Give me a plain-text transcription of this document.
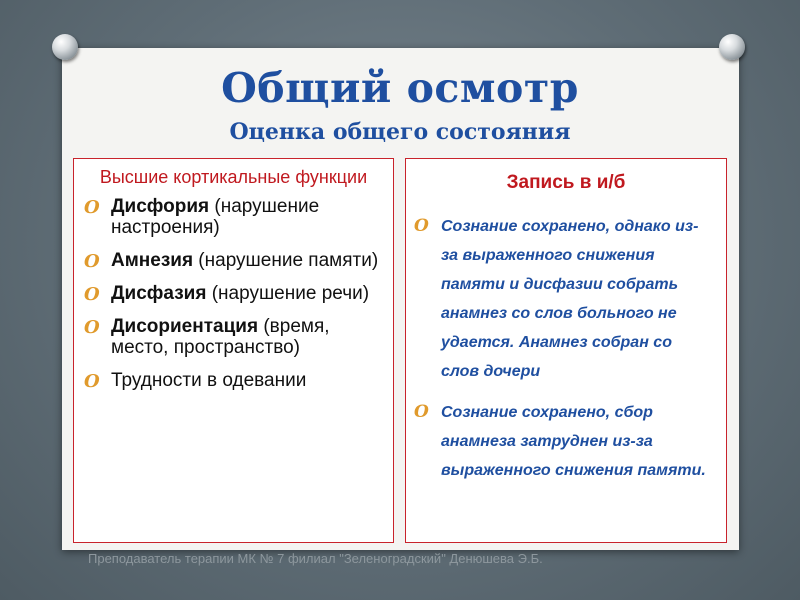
Общий осмотр
Оценка общего состояния
Высшие кортикальные функции
O Дисфория (нарушение настроения)
O Амнезия (нарушение памяти)
O Дисфазия (нарушение речи)
O Дисориентация (время, место, пространство)
O Трудности в одевании
Запись в и/б
O Сознание сохранено, однако из-за выраженного снижения памяти и дисфазии собрать анамнез со слов больного не удается. Анамнез собран со слов дочери
O Сознание сохранено, сбор анамнеза затруднен из-за выраженного снижения памяти.
Преподаватель терапии МК № 7 филиал "Зеленоградский" Денюшева Э.Б.
